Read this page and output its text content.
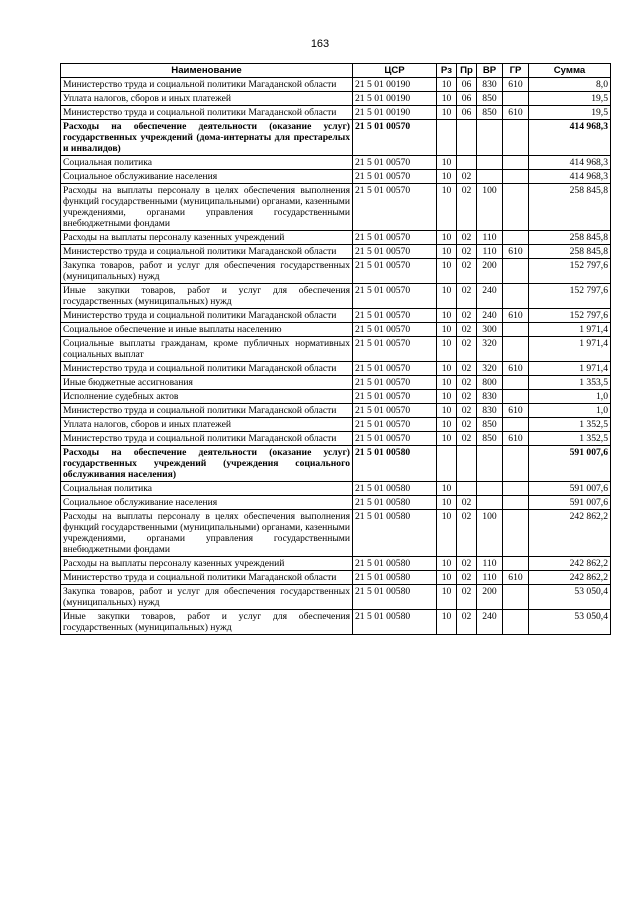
163
Наименование	ЦСР	Рз	Пр	ВР	ГР	Сумма
Министерство труда и социальной политики Магаданской области	21 5 01 00190	10	06	830	610	8,0
Уплата налогов, сборов и иных платежей	21 5 01 00190	10	06	850		19,5
Министерство труда и социальной политики Магаданской области	21 5 01 00190	10	06	850	610	19,5
Расходы на обеспечение деятельности (оказание услуг) государственных учреждений (дома-интернаты для престарелых и инвалидов)	21 5 01 00570					414 968,3
Социальная политика	21 5 01 00570	10				414 968,3
Социальное обслуживание населения	21 5 01 00570	10	02			414 968,3
Расходы на выплаты персоналу в целях обеспечения выполнения функций государственными (муниципальными) органами, казенными учреждениями, органами управления государственными внебюджетными фондами	21 5 01 00570	10	02	100		258 845,8
Расходы на выплаты персоналу казенных учреждений	21 5 01 00570	10	02	110		258 845,8
Министерство труда и социальной политики Магаданской области	21 5 01 00570	10	02	110	610	258 845,8
Закупка товаров, работ и услуг для обеспечения государственных (муниципальных) нужд	21 5 01 00570	10	02	200		152 797,6
Иные закупки товаров, работ и услуг для обеспечения государственных (муниципальных) нужд	21 5 01 00570	10	02	240		152 797,6
Министерство труда и социальной политики Магаданской области	21 5 01 00570	10	02	240	610	152 797,6
Социальное обеспечение и иные выплаты населению	21 5 01 00570	10	02	300		1 971,4
Социальные выплаты гражданам, кроме публичных нормативных социальных выплат	21 5 01 00570	10	02	320		1 971,4
Министерство труда и социальной политики Магаданской области	21 5 01 00570	10	02	320	610	1 971,4
Иные бюджетные ассигнования	21 5 01 00570	10	02	800		1 353,5
Исполнение судебных актов	21 5 01 00570	10	02	830		1,0
Министерство труда и социальной политики Магаданской области	21 5 01 00570	10	02	830	610	1,0
Уплата налогов, сборов и иных платежей	21 5 01 00570	10	02	850		1 352,5
Министерство труда и социальной политики Магаданской области	21 5 01 00570	10	02	850	610	1 352,5
Расходы на обеспечение деятельности (оказание услуг) государственных учреждений (учреждения социального обслуживания населения)	21 5 01 00580					591 007,6
Социальная политика	21 5 01 00580	10				591 007,6
Социальное обслуживание населения	21 5 01 00580	10	02			591 007,6
Расходы на выплаты персоналу в целях обеспечения выполнения функций государственными (муниципальными) органами, казенными учреждениями, органами управления государственными внебюджетными фондами	21 5 01 00580	10	02	100		242 862,2
Расходы на выплаты персоналу казенных учреждений	21 5 01 00580	10	02	110		242 862,2
Министерство труда и социальной политики Магаданской области	21 5 01 00580	10	02	110	610	242 862,2
Закупка товаров, работ и услуг для обеспечения государственных (муниципальных) нужд	21 5 01 00580	10	02	200		53 050,4
Иные закупки товаров, работ и услуг для обеспечения государственных (муниципальных) нужд	21 5 01 00580	10	02	240		53 050,4
